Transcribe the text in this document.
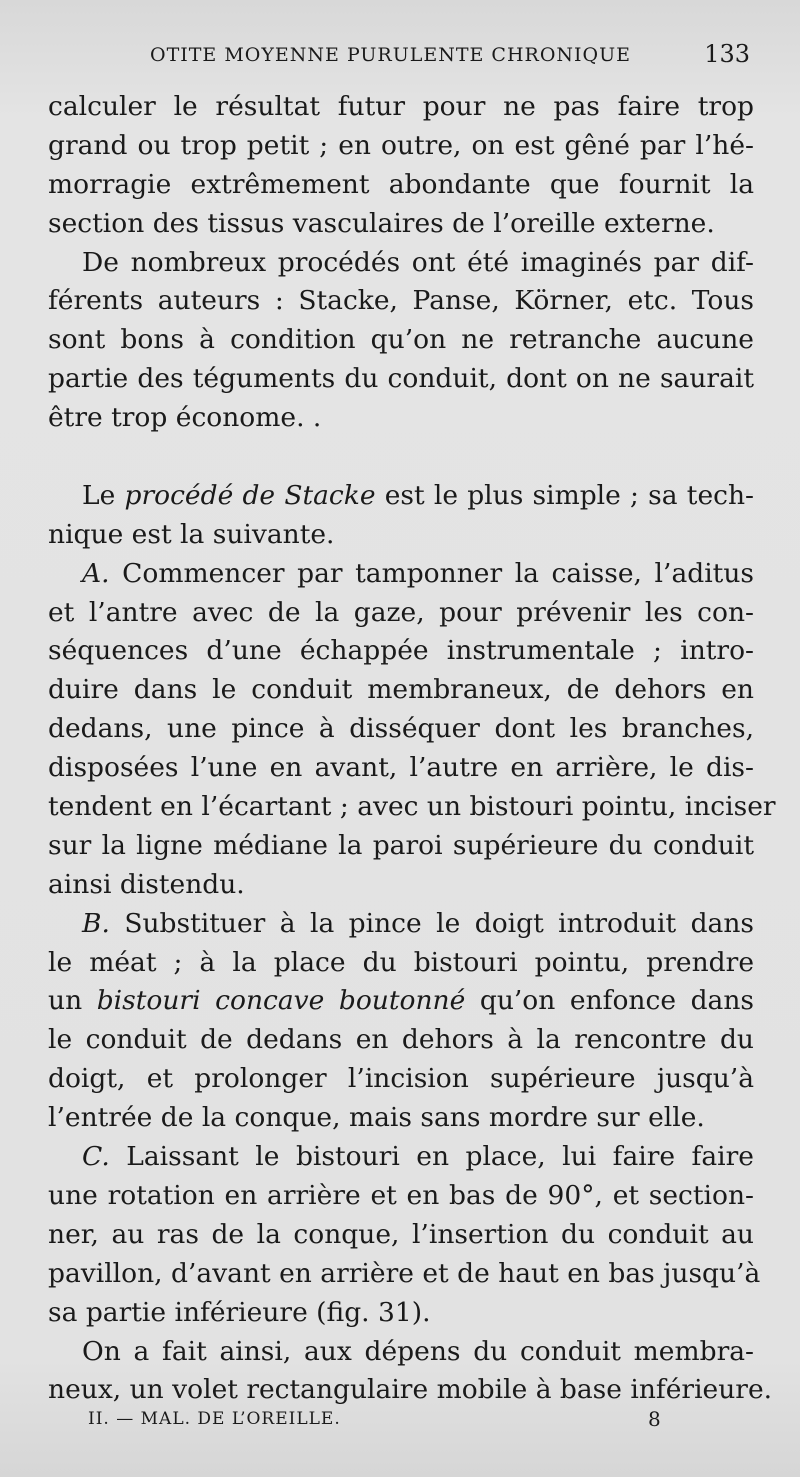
OTITE MOYENNE PURULENTE CHRONIQUE	133
calculer le résultat futur pour ne pas faire trop
grand ou trop petit ; en outre, on est gêné par l’hé-
morragie extrêmement abondante que fournit la
section des tissus vasculaires de l’oreille externe.
De nombreux procédés ont été imaginés par dif-
férents auteurs : Stacke, Panse, Körner, etc. Tous
sont bons à condition qu’on ne retranche aucune
partie des téguments du conduit, dont on ne saurait
être trop économe. .
Le procédé de Stacke est le plus simple ; sa tech-
nique est la suivante.
A. Commencer par tamponner la caisse, l’aditus
et l’antre avec de la gaze, pour prévenir les con-
séquences d’une échappée instrumentale ; intro-
duire dans le conduit membraneux, de dehors en
dedans, une pince à disséquer dont les branches,
disposées l’une en avant, l’autre en arrière, le dis-
tendent en l’écartant ; avec un bistouri pointu, inciser
sur la ligne médiane la paroi supérieure du conduit
ainsi distendu.
B. Substituer à la pince le doigt introduit dans
le méat ; à la place du bistouri pointu, prendre
un bistouri concave boutonné qu’on enfonce dans
le conduit de dedans en dehors à la rencontre du
doigt, et prolonger l’incision supérieure jusqu’à
l’entrée de la conque, mais sans mordre sur elle.
C. Laissant le bistouri en place, lui faire faire
une rotation en arrière et en bas de 90°, et section-
ner, au ras de la conque, l’insertion du conduit au
pavillon, d’avant en arrière et de haut en bas jusqu’à
sa partie inférieure (fig. 31).
On a fait ainsi, aux dépens du conduit membra-
neux, un volet rectangulaire mobile à base inférieure.
II. — MAL. DE L’OREILLE.	8
